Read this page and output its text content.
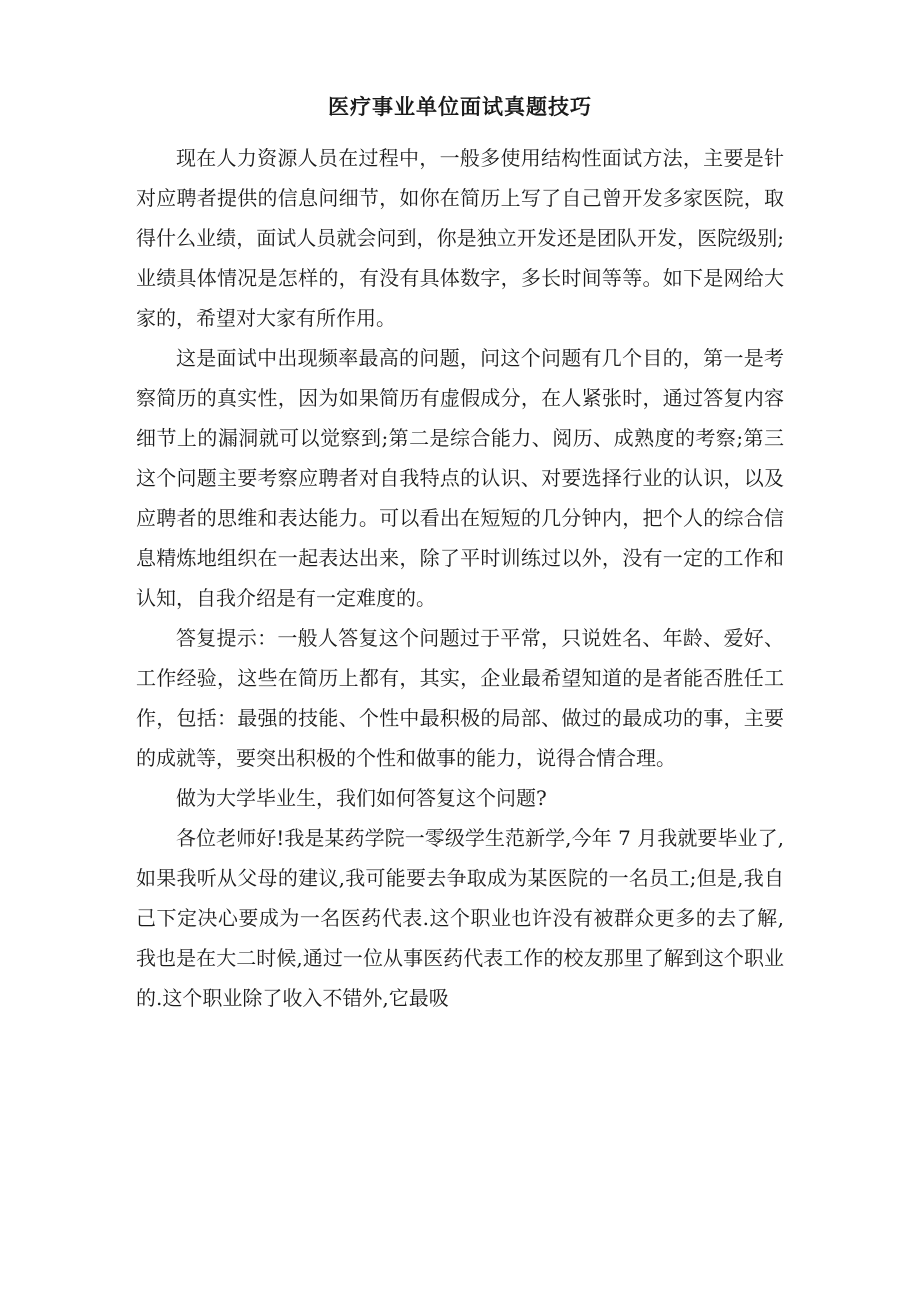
医疗事业单位面试真题技巧

现在人力资源人员在过程中，一般多使用结构性面试方法，主要是针对应聘者提供的信息问细节，如你在简历上写了自己曾开发多家医院，取得什么业绩，面试人员就会问到，你是独立开发还是团队开发，医院级别;业绩具体情况是怎样的，有没有具体数字，多长时间等等。如下是网给大家的，希望对大家有所作用。

这是面试中出现频率最高的问题，问这个问题有几个目的，第一是考察简历的真实性，因为如果简历有虚假成分，在人紧张时，通过答复内容细节上的漏洞就可以觉察到;第二是综合能力、阅历、成熟度的考察;第三这个问题主要考察应聘者对自我特点的认识、对要选择行业的认识，以及应聘者的思维和表达能力。可以看出在短短的几分钟内，把个人的综合信息精炼地组织在一起表达出来，除了平时训练过以外，没有一定的工作和认知，自我介绍是有一定难度的。

答复提示：一般人答复这个问题过于平常，只说姓名、年龄、爱好、工作经验，这些在简历上都有，其实，企业最希望知道的是者能否胜任工作，包括：最强的技能、个性中最积极的局部、做过的最成功的事，主要的成就等，要突出积极的个性和做事的能力，说得合情合理。

做为大学毕业生，我们如何答复这个问题?

各位老师好!我是某药学院一零级学生范新学,今年 7 月我就要毕业了,如果我听从父母的建议,我可能要去争取成为某医院的一名员工;但是,我自己下定决心要成为一名医药代表.这个职业也许没有被群众更多的去了解,我也是在大二时候,通过一位从事医药代表工作的校友那里了解到这个职业的.这个职业除了收入不错外,它最吸
